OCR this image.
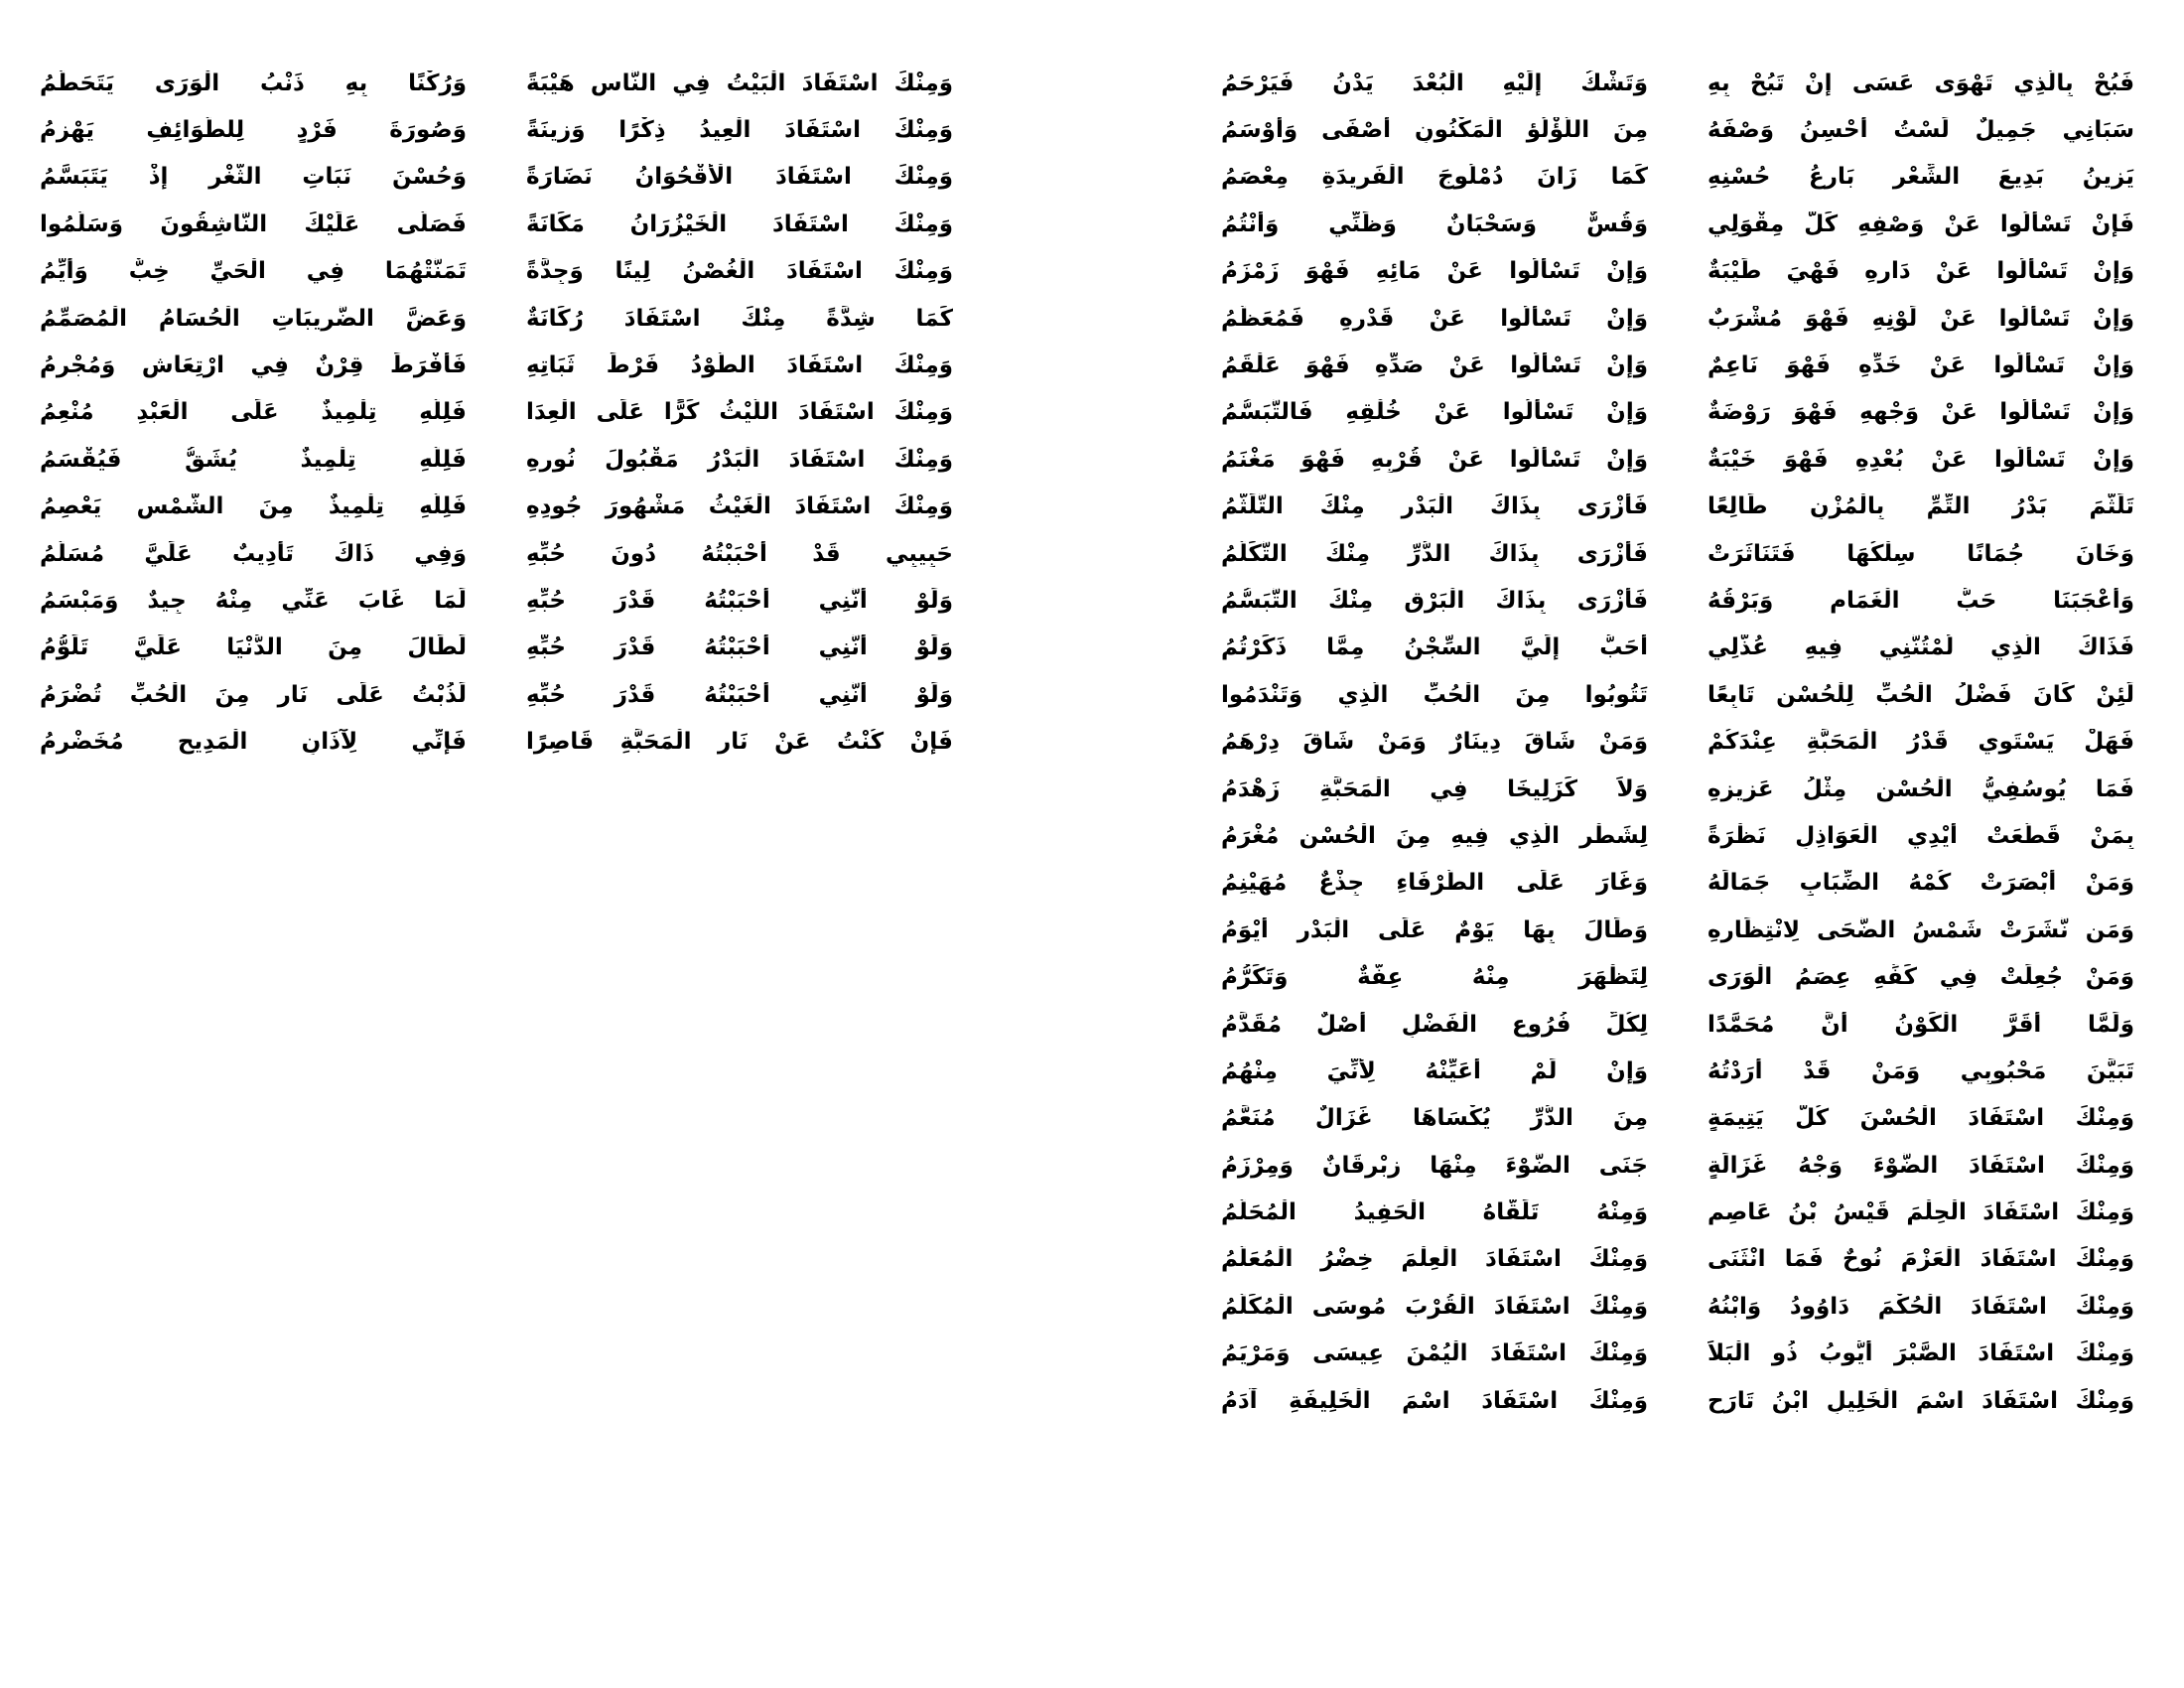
فَبُحْ بِالَّذِي تَهْوَى عَسَى إِنْ تَبُحْ بِهِ
وَتَشْكُ إِلَيْهِ الْبُعْدَ يَدْنُ فَيَرْحَمُ
سَبَانِي جَمِيلٌ لَسْتُ أُحْسِنُ وَصْفَهُ
مِنَ اللُّؤْلُؤِ الْمَكْنُونِ أَصْفَى وَأَوْسَمُ
يَزِينُ بَدِيعَ الشِّعْرِ بَارِعُ حُسْنِهِ
كَمَا زَانَ دُمْلُوجَ الْفَرِيدَةِ مِعْصَمُ
فَإِنْ تَسْأَلُوا عَنْ وَصْفِهِ كَلَّ مِقْوَلِي
وَقُسٌّ وَسَحْبَانٌ وَظَنِّي وَأَنْتُمُ
وَإِنْ تَسْأَلُوا عَنْ دَارِهِ فَهْيَ طَيْبَةٌ
وَإِنْ تَسْأَلُوا عَنْ مَائِهِ فَهْوَ زَمْزَمُ
وَإِنْ تَسْأَلُوا عَنْ لَوْنِهِ فَهْوَ مُشْرَبٌ
وَإِنْ تَسْأَلُوا عَنْ قَدْرِهِ فَمُعَظَّمُ
وَإِنْ تَسْأَلُوا عَنْ خَدِّهِ فَهْوَ نَاعِمٌ
وَإِنْ تَسْأَلُوا عَنْ صَدِّهِ فَهْوَ عَلْقَمُ
وَإِنْ تَسْأَلُوا عَنْ وَجْهِهِ فَهْوَ رَوْضَةٌ
وَإِنْ تَسْأَلُوا عَنْ خُلْقِهِ فَالتَّبَسُّمُ
وَإِنْ تَسْأَلُوا عَنْ بُعْدِهِ فَهْوَ خَيْبَةٌ
وَإِنْ تَسْأَلُوا عَنْ قُرْبِهِ فَهْوَ مَغْنَمُ
تَلَثَّمَ بَدْرُ التِّمِّ بِالْمُزْنِ طَالِعًا
فَأَزْرَى بِذَاكَ الْبَدْرِ مِنْكَ التَّلَثُّمُ
وَخَانَ جُمَانًا سِلْكُهَا فَتَنَاثَرَتْ
فَأَزْرَى بِذَاكَ الدُّرِّ مِنْكَ التَّكَلُّمُ
وَأَعْجَبَنَا حَبُّ الْغَمَامِ وَبَرْقُهُ
فَأَزْرَى بِذَاكَ الْبَرْقِ مِنْكَ التَّبَسُّمُ
فَذَاكَ الَّذِي لُمْتُنَّنِي فِيهِ عُذَّلِي
أَحَبُّ إِلَيَّ السِّجْنُ مِمَّا ذَكَرْتُمُ
لَئِنْ كَانَ فَضْلُ الْحُبِّ لِلْحُسْنِ تَابِعًا
تَتُوبُوا مِنَ الْحُبِّ الَّذِي وَتَنْدَمُوا
فَهَلْ يَسْتَوِي قَدْرُ الْمَحَبَّةِ عِنْدَكُمْ
وَمَنْ شَاقَ دِينَارٌ وَمَنْ شَاقَ دِرْهَمُ
فَمَا يُوسُفِيُّ الْحُسْنِ مِثْلُ عَزِيزِهِ
وَلاَ كَزَلِيخَا فِي الْمَحَبَّةِ زَهْدَمُ
بِمَنْ قَطَّعَتْ أَيْدِي الْعَوَاذِلِ نَظْرَةً
لِشَطْرِ الَّذِي فِيهِ مِنَ الْحُسْنِ مُغْرَمُ
وَمَنْ أَبْصَرَتْ كُمْهُ الضِّبَابِ جَمَالَهُ
وَغَارَ عَلَى الطَّرْفَاءِ جِذْعٌ مُهَيْنِمُ
وَمَن نَّشَرَتْ شَمْسُ الضُّحَى لِانْتِظَارِهِ
وَطَالَ بِهَا يَوْمٌ عَلَى الْبَدْرِ أَيْوَمُ
وَمَنْ جُعِلَتْ فِي كَفِّهِ عِصَمُ الْوَرَى
لِتَظْهَرَ مِنْهُ عِفَّةٌ وَتَكَرُّمُ
وَلَمَّا أَقَرَّ الْكَوْنُ أَنَّ مُحَمَّدًا
لِكُلِّ فُرُوعِ الْفَضْلِ أَصْلٌ مُقَدَّمُ
تَبَيَّنَ مَحْبُوبِي وَمَنْ قَدْ أَرَدْتُهُ
وَإِنْ لَمْ أُعَيِّنْهُ لِأَنِّيَ مِنْهُمُ
وَمِنْكَ اسْتَفَادَ الْحُسْنَ كُلُّ يَتِيمَةٍ
مِنَ الدُّرِّ يُكْسَاهَا غَزَالٌ مُنَعَّمُ
وَمِنْكَ اسْتَفَادَ الضَّوْءَ وَجْهُ غَزَالَةٍ
جَنَى الضَّوْءَ مِنْهَا زِبْرِقَانٌ وَمِرْزَمُ
وَمِنْكَ اسْتَفَادَ الْحِلْمَ قَيْسُ بْنُ عَاصِمٍ
وَمِنْهُ تَلَقَّاهُ الْحَفِيدُ الْمُحَلَّمُ
وَمِنْكَ اسْتَفَادَ الْعَزْمَ نُوحٌ فَمَا انْثَنَى
وَمِنْكَ اسْتَفَادَ الْعِلْمَ خِضْرُ الْمُعَلَّمُ
وَمِنْكَ اسْتَفَادَ الْحُكْمَ دَاوُودُ وَابْنُهُ
وَمِنْكَ اسْتَفَادَ الْقُرْبَ مُوسَى الْمُكَلَّمُ
وَمِنْكَ اسْتَفَادَ الصَّبْرَ أَيُّوبُ ذُو الْبَلاَ
وَمِنْكَ اسْتَفَادَ الْيُمْنَ عِيسَى وَمَرْيَمُ
وَمِنْكَ اسْتَفَادَ اسْمَ الْخَلِيلِ ابْنُ تَارَحٍ
وَمِنْكَ اسْتَفَادَ اسْمَ الْخَلِيفَةِ آدَمُ
وَمِنْكَ اسْتَفَادَ الْبَيْتُ فِي النَّاسِ هَيْبَةً
وَرُكْنًا بِهِ ذَنْبُ الْوَرَى يَتَحَطَّمُ
وَمِنْكَ اسْتَفَادَ الْعِيدُ ذِكْرًا وَزِينَةً
وَصُورَةَ فَرْدٍ لِلطَّوَائِفِ يَهْزِمُ
وَمِنْكَ اسْتَفَادَ الْأُقْحُوَانُ نَضَارَةً
وَحُسْنَ نَبَاتِ الثَّغْرِ إِذْ يَتَبَسَّمُ
وَمِنْكَ اسْتَفَادَ الْخَيْزُرَانُ مَكَانَةً
فَصَلَّى عَلَيْكَ النَّاشِقُونَ وَسَلَّمُوا
وَمِنْكَ اسْتَفَادَ الْغُصْنُ لِينًا وَجِدَّةً
تَمَنَّتْهُمَا فِي الْحَيِّ خِبٌّ وَأَيِّمُ
كَمَا شِدَّةً مِنْكَ اسْتَفَادَ رُكَانَةٌ
وَعَضَّ الضَّرِيبَاتِ الْحُسَامُ الْمُصَمِّمُ
وَمِنْكَ اسْتَفَادَ الطَّوْدُ فَرْطَ ثَبَاتِهِ
فَأَفْرَطَ قِرْنٌ فِي ارْتِعَاشٍ وَمُجْرِمُ
وَمِنْكَ اسْتَفَادَ اللَّيْثُ كَرًّا عَلَى الْعِدَا
فَلِلَّهِ تِلْمِيذٌ عَلَى الْعَبْدِ مُنْعِمُ
وَمِنْكَ اسْتَفَادَ الْبَدْرُ مَقْبُولَ نُورِهِ
فَلِلَّهِ تِلْمِيذٌ يُشَقُّ فَيُقْسَمُ
وَمِنْكَ اسْتَفَادَ الْغَيْثُ مَشْهُورَ جُودِهِ
فَلِلَّهِ تِلْمِيذٌ مِنَ الشَّمْسِ يَعْصِمُ
حَبِيبِي قَدْ أَحْبَبْتُهُ دُونَ حُبِّهِ
وَفِي ذَاكَ تَأْدِيبٌ عَلَيَّ مُسَلَّمُ
وَلَوْ أَنَّنِي أَحْبَبْتُهُ قَدْرَ حُبِّهِ
لَمَا غَابَ عَنِّي مِنْهُ جِيدٌ وَمَبْسَمُ
وَلَوْ أَنَّنِي أَحْبَبْتُهُ قَدْرَ حُبِّهِ
لَطَالَ مِنَ الدُّنْيَا عَلَيَّ تَلَوُّمُ
وَلَوْ أَنَّنِي أَحْبَبْتُهُ قَدْرَ حُبِّهِ
لَذُبْتُ عَلَى نَارٍ مِنَ الْحُبِّ تُضْرَمُ
فَإِنْ كُنْتُ عَنْ نَارِ الْمَحَبَّةِ قَاصِرًا
فَإِنِّي لِآذَانِ الْمَدِيحِ مُخَضْرِمُ
